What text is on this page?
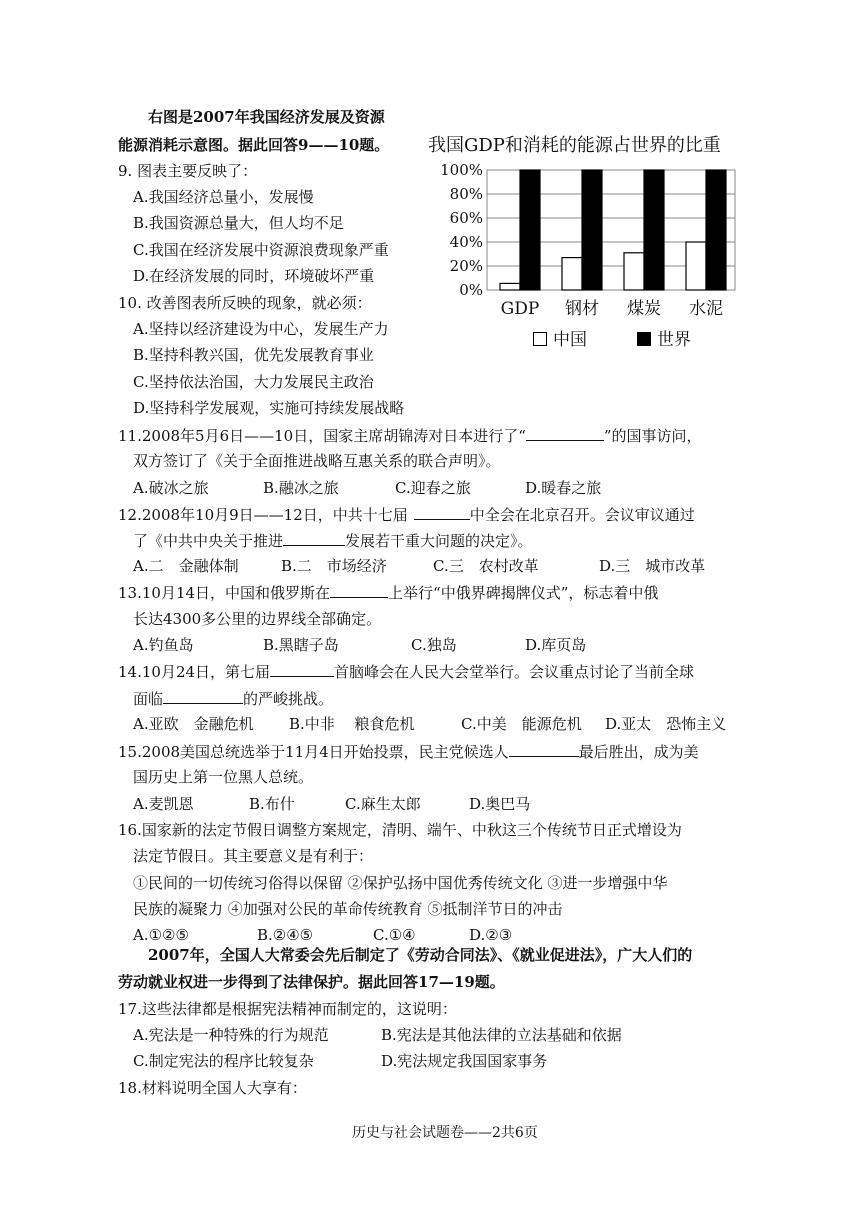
右图是2007年我国经济发展及资源
能源消耗示意图。据此回答9——10题。
9. 图表主要反映了：
A.我国经济总量小，发展慢
B.我国资源总量大，但人均不足
C.我国在经济发展中资源浪费现象严重
D.在经济发展的同时，环境破坏严重
10. 改善图表所反映的现象，就必须：
A.坚持以经济建设为中心，发展生产力
B.坚持科教兴国，优先发展教育事业
C.坚持依法治国，大力发展民主政治
D.坚持科学发展观，实施可持续发展战略
我国GDP和消耗的能源占世界的比重
0%
20%
40%
60%
80%
100%
GDP 钢材 煤炭 水泥
中国	世界
11.2008年5月6日——10日，国家主席胡锦涛对日本进行了“	”的国事访问，
双方签订了《关于全面推进战略互惠关系的联合声明》。
A.破冰之旅	B.融冰之旅	C.迎春之旅	D.暖春之旅
12.2008年10月9日——12日，中共十七届	中全会在北京召开。会议审议通过
了《中共中央关于推进	发展若干重大问题的决定》。
A.二　金融体制	B.二　市场经济	C.三　农村改革	D.三　城市改革
13.10月14日，中国和俄罗斯在	上举行“中俄界碑揭牌仪式”，标志着中俄
长达4300多公里的边界线全部确定。
A.钓鱼岛	B.黑瞎子岛	C.独岛	D.库页岛
14.10月24日，第七届	首脑峰会在人民大会堂举行。会议重点讨论了当前全球
面临	的严峻挑战。
A.亚欧　金融危机 B.中非　 粮食危机	C.中美　能源危机 D.亚太　恐怖主义
15.2008美国总统选举于11月4日开始投票，民主党候选人	最后胜出，成为美
国历史上第一位黑人总统。
A.麦凯恩	B.布什	C.麻生太郎	D.奥巴马
16.国家新的法定节假日调整方案规定，清明、端午、中秋这三个传统节日正式增设为
法定节假日。其主要意义是有利于：
①民间的一切传统习俗得以保留 ②保护弘扬中国优秀传统文化 ③进一步增强中华
民族的凝聚力 ④加强对公民的革命传统教育 ⑤抵制洋节日的冲击
A.①②⑤	B.②④⑤	C.①④	D.②③
2007年，全国人大常委会先后制定了《劳动合同法》、《就业促进法》，广大人们的
劳动就业权进一步得到了法律保护。据此回答17—19题。
17.这些法律都是根据宪法精神而制定的，这说明：
A.宪法是一种特殊的行为规范	B.宪法是其他法律的立法基础和依据
C.制定宪法的程序比较复杂	D.宪法规定我国国家事务
18.材料说明全国人大享有：
历史与社会试题卷——2共6页
